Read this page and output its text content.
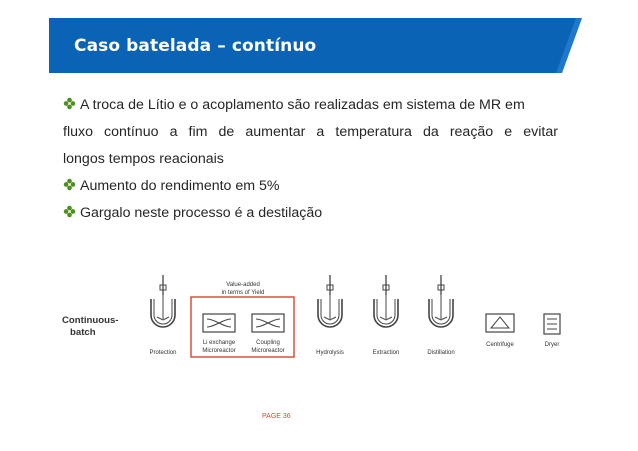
Caso batelada – contínuo
A troca de Lítio e o acoplamento são realizadas em sistema de MR em
fluxo contínuo a fim de aumentar a temperatura da reação e evitar
longos tempos reacionais
Aumento do rendimento em 5%
Gargalo neste processo é a destilação
Continuous-
batch
Value-added
in terms of Yield
Protection
Li exchange
Microreactor
Coupling
Microreactor	Hydrolysis	Extraction	Distillation
Centrifuge	Dryer
PAGE 36
